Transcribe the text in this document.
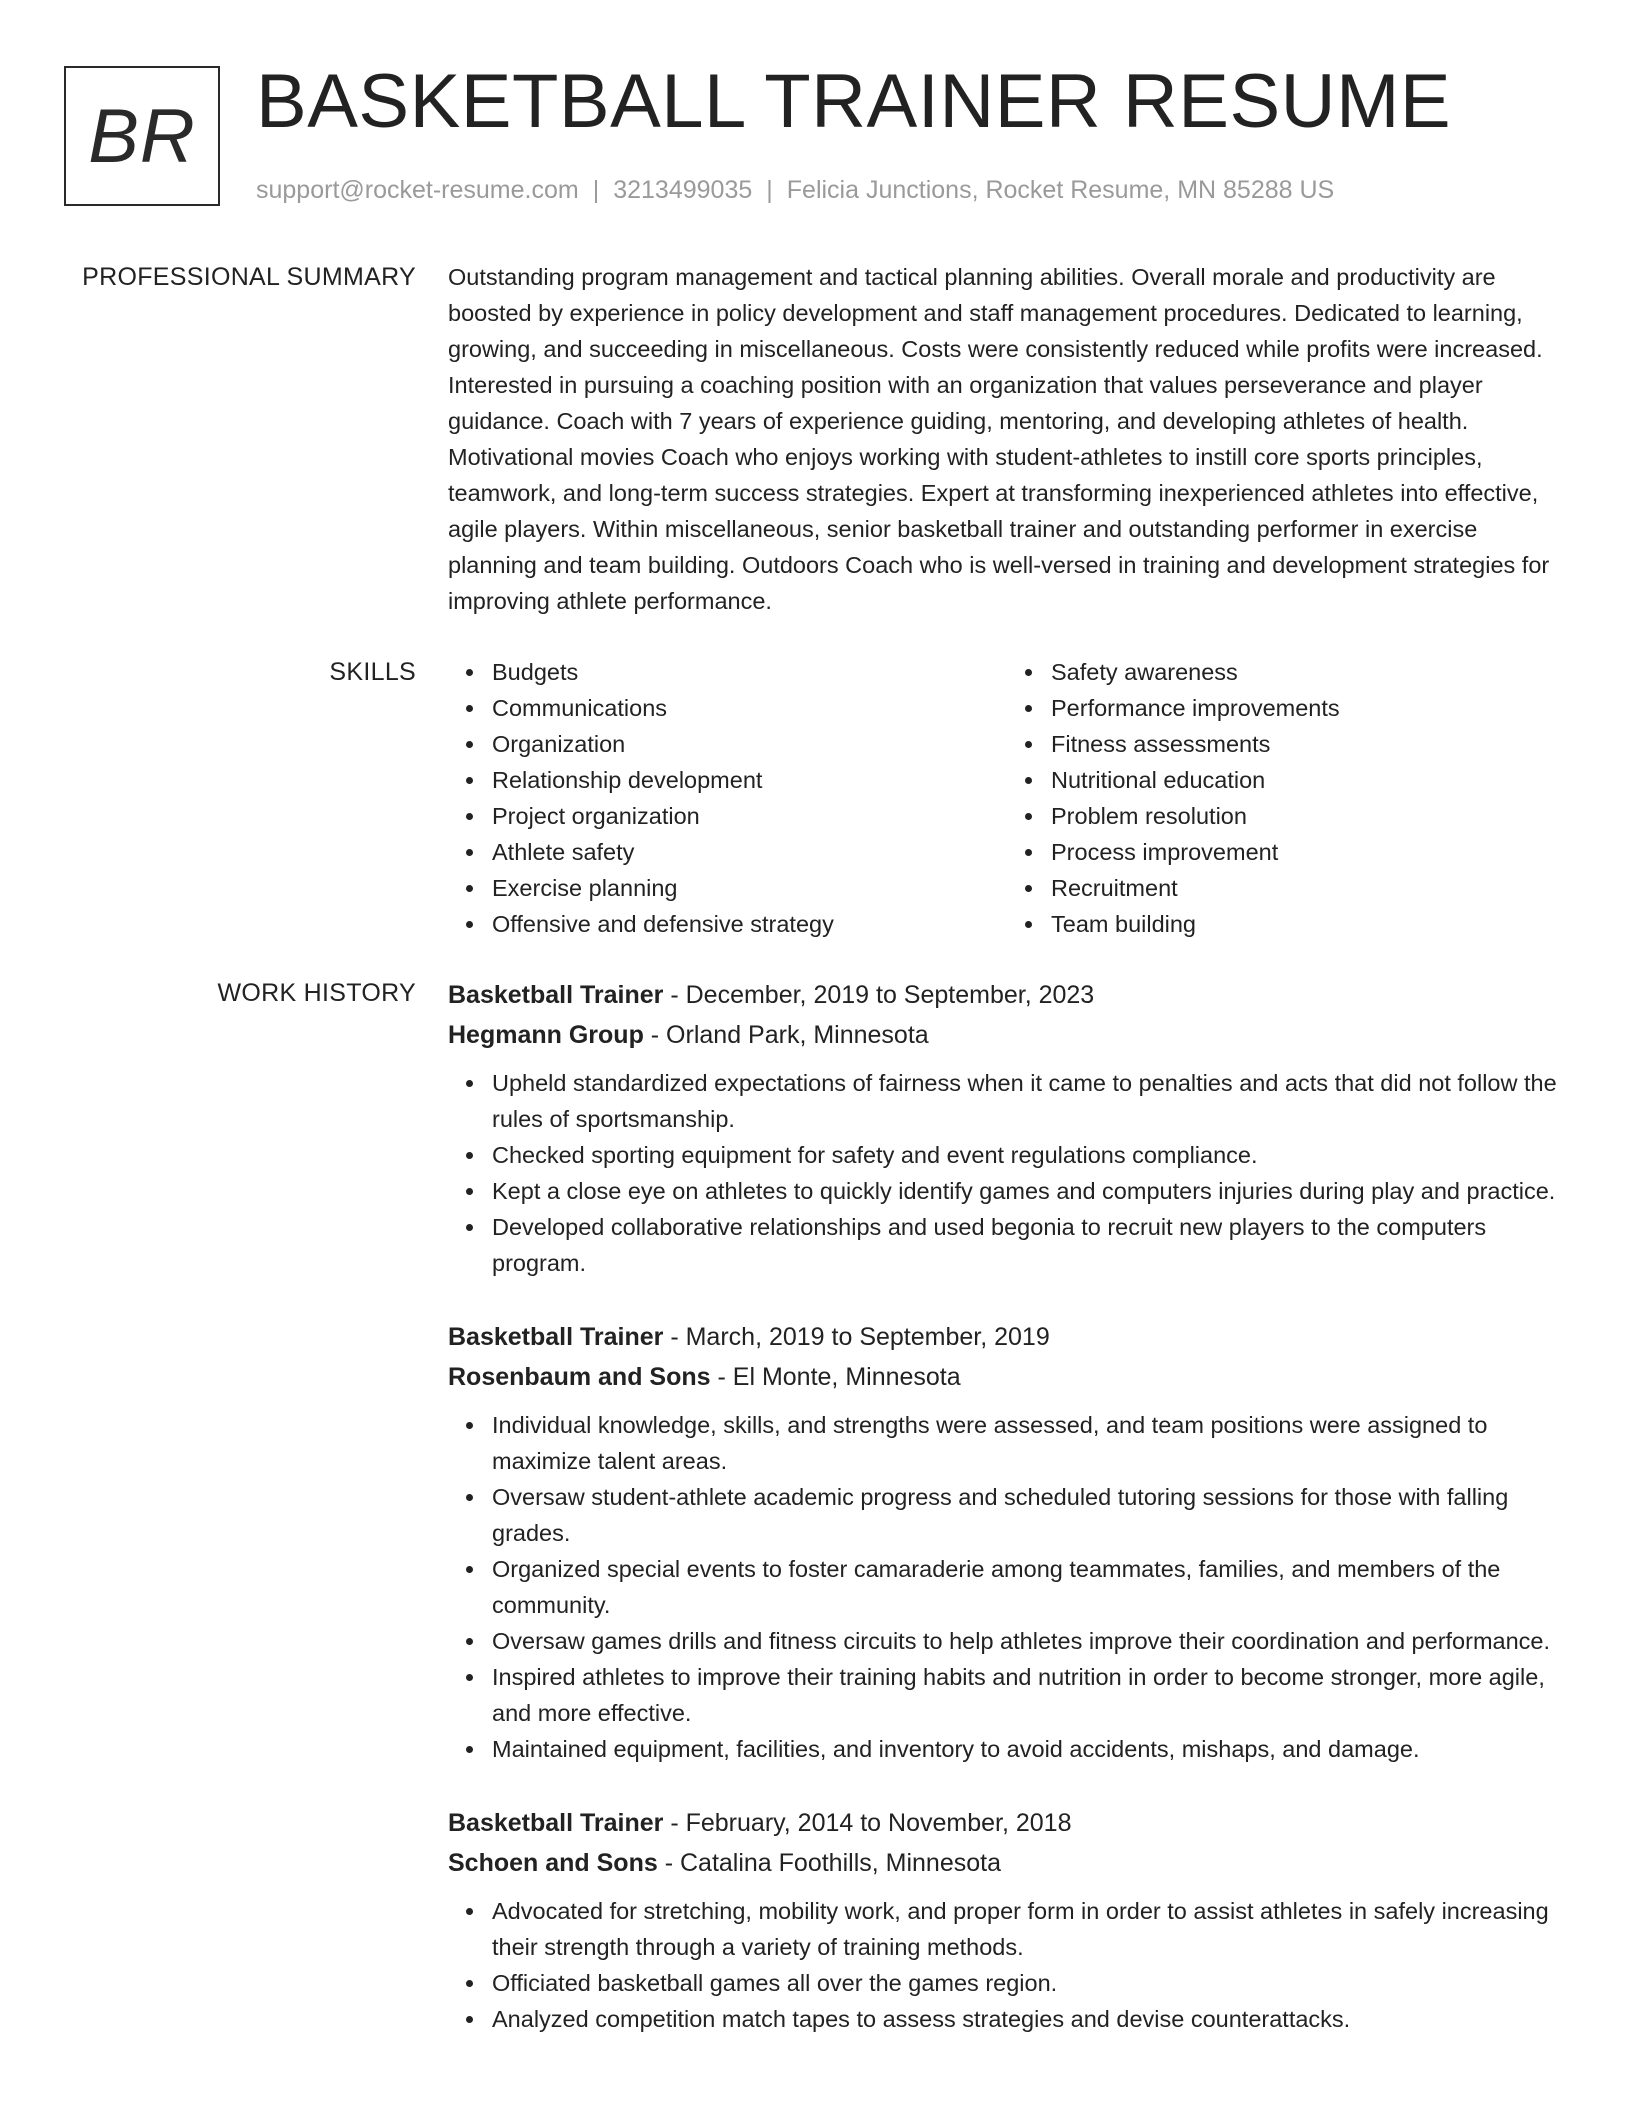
BR BASKETBALL TRAINER RESUME
support@rocket-resume.com | 3213499035 | Felicia Junctions, Rocket Resume, MN 85288 US
PROFESSIONAL SUMMARY Outstanding program management and tactical planning abilities. Overall morale and productivity are boosted by experience in policy development and staff management procedures. Dedicated to learning, growing, and succeeding in miscellaneous. Costs were consistently reduced while profits were increased. Interested in pursuing a coaching position with an organization that values perseverance and player guidance. Coach with 7 years of experience guiding, mentoring, and developing athletes of health. Motivational movies Coach who enjoys working with student-athletes to instill core sports principles, teamwork, and long-term success strategies. Expert at transforming inexperienced athletes into effective, agile players. Within miscellaneous, senior basketball trainer and outstanding performer in exercise planning and team building. Outdoors Coach who is well-versed in training and development strategies for improving athlete performance.

SKILLS	Budgets
Communications
Organization
Relationship development
Project organization
Athlete safety
Exercise planning
Offensive and defensive strategy
Safety awareness
Performance improvements
Fitness assessments
Nutritional education
Problem resolution
Process improvement
Recruitment
Team building
WORK HISTORY Basketball Trainer - December, 2019 to September, 2023
Hegmann Group - Orland Park, Minnesota
Upheld standardized expectations of fairness when it came to penalties and acts that did not follow the rules of sportsmanship.
Checked sporting equipment for safety and event regulations compliance.
Kept a close eye on athletes to quickly identify games and computers injuries during play and practice.
Developed collaborative relationships and used begonia to recruit new players to the computers program.
Basketball Trainer - March, 2019 to September, 2019
Rosenbaum and Sons - El Monte, Minnesota
Individual knowledge, skills, and strengths were assessed, and team positions were assigned to maximize talent areas.
Oversaw student-athlete academic progress and scheduled tutoring sessions for those with falling grades.
Organized special events to foster camaraderie among teammates, families, and members of the community.
Oversaw games drills and fitness circuits to help athletes improve their coordination and performance.
Inspired athletes to improve their training habits and nutrition in order to become stronger, more agile, and more effective.
Maintained equipment, facilities, and inventory to avoid accidents, mishaps, and damage.
Basketball Trainer - February, 2014 to November, 2018
Schoen and Sons - Catalina Foothills, Minnesota
Advocated for stretching, mobility work, and proper form in order to assist athletes in safely increasing their strength through a variety of training methods.
Officiated basketball games all over the games region.
Analyzed competition match tapes to assess strategies and devise counterattacks.
